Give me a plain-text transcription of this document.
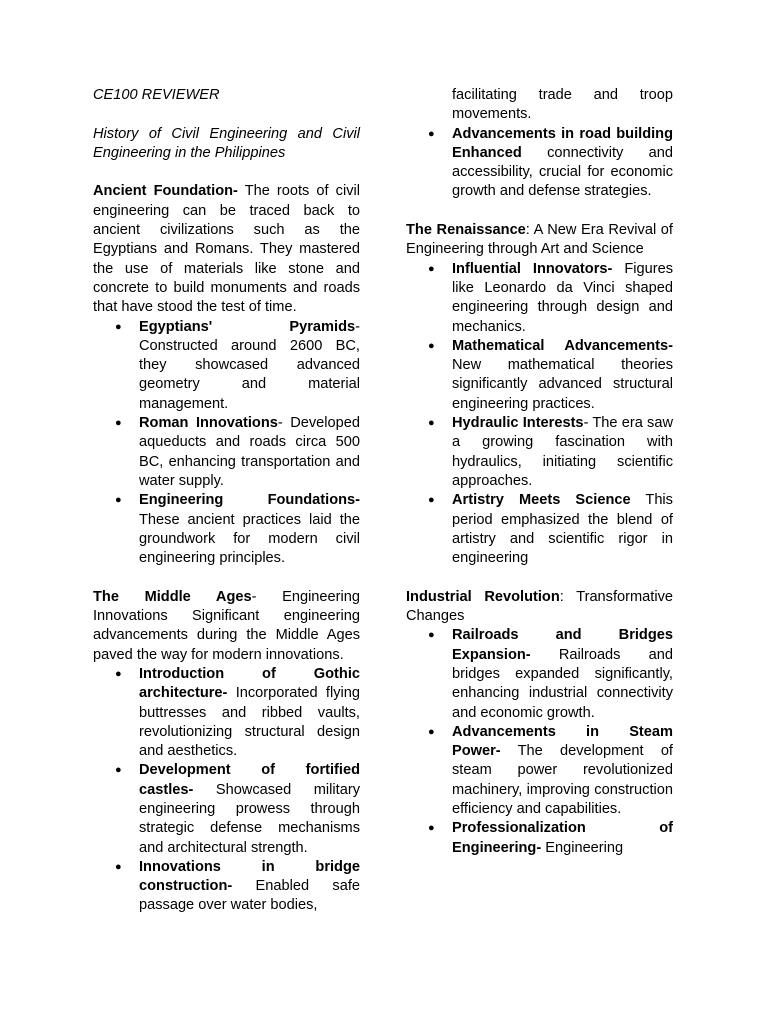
CE100 REVIEWER

History of Civil Engineering and Civil Engineering in the Philippines

Ancient Foundation- The roots of civil engineering can be traced back to ancient civilizations such as the Egyptians and Romans. They mastered the use of materials like stone and concrete to build monuments and roads that have stood the test of time.

● Egyptians' Pyramids-Constructed around 2600 BC, they showcased advanced geometry and material management.
● Roman Innovations- Developed aqueducts and roads circa 500 BC, enhancing transportation and water supply.
● Engineering Foundations- These ancient practices laid the groundwork for modern civil engineering principles.

The Middle Ages- Engineering Innovations Significant engineering advancements during the Middle Ages paved the way for modern innovations.

● Introduction of Gothic architecture- Incorporated flying buttresses and ribbed vaults, revolutionizing structural design and aesthetics.
● Development of fortified castles- Showcased military engineering prowess through strategic defense mechanisms and architectural strength.
● Innovations in bridge construction- Enabled safe passage over water bodies,

facilitating trade and troop movements.

● Advancements in road building Enhanced connectivity and accessibility, crucial for economic growth and defense strategies.

The Renaissance: A New Era Revival of Engineering through Art and Science

● Influential Innovators- Figures like Leonardo da Vinci shaped engineering through design and mechanics.
● Mathematical Advancements- New mathematical theories significantly advanced structural engineering practices.
● Hydraulic Interests- The era saw a growing fascination with hydraulics, initiating scientific approaches.
● Artistry Meets Science This period emphasized the blend of artistry and scientific rigor in engineering

Industrial Revolution: Transformative Changes

● Railroads and Bridges Expansion- Railroads and bridges expanded significantly, enhancing industrial connectivity and economic growth.
● Advancements in Steam Power- The development of steam power revolutionized machinery, improving construction efficiency and capabilities.
● Professionalization of Engineering- Engineering
